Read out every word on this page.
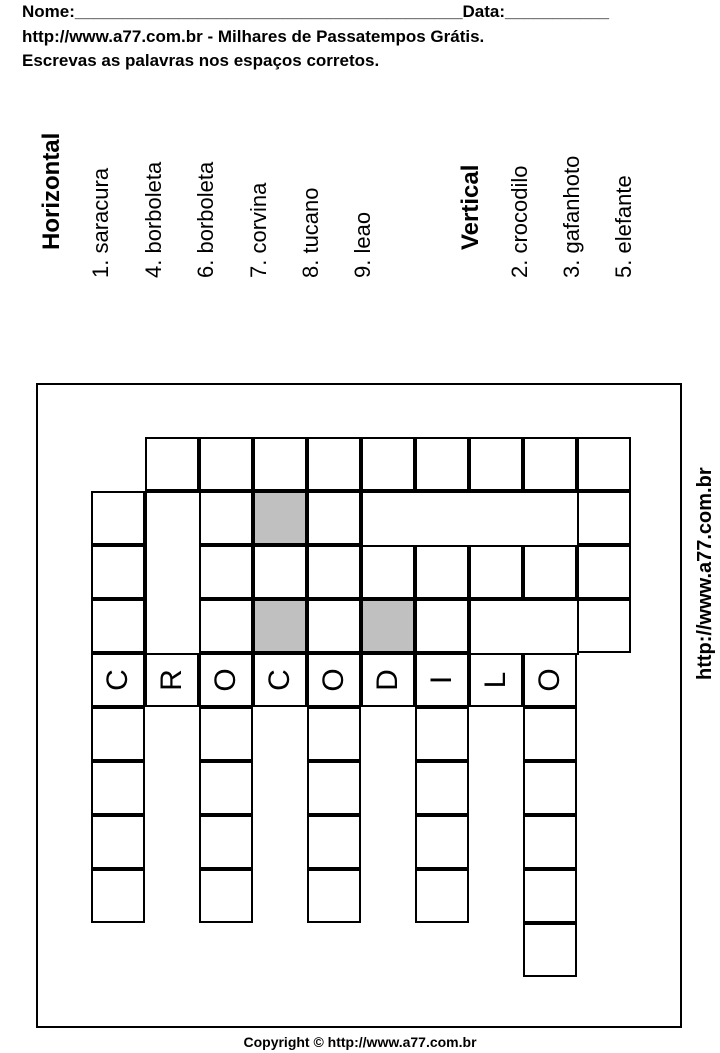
Nome:_________________________________________Data:___________
http://www.a77.com.br - Milhares de Passatempos Grátis.
Escrevas as palavras nos espaços corretos.
Horizontal 1. saracura 4. borboleta 6. borboleta 7. corvina 8. tucano 9. leao	Vertical 2. crocodilo 3. gafanhoto 5. elefante
C R O C O D I L O	http://www.a77.com.br
Copyright © http://www.a77.com.br
